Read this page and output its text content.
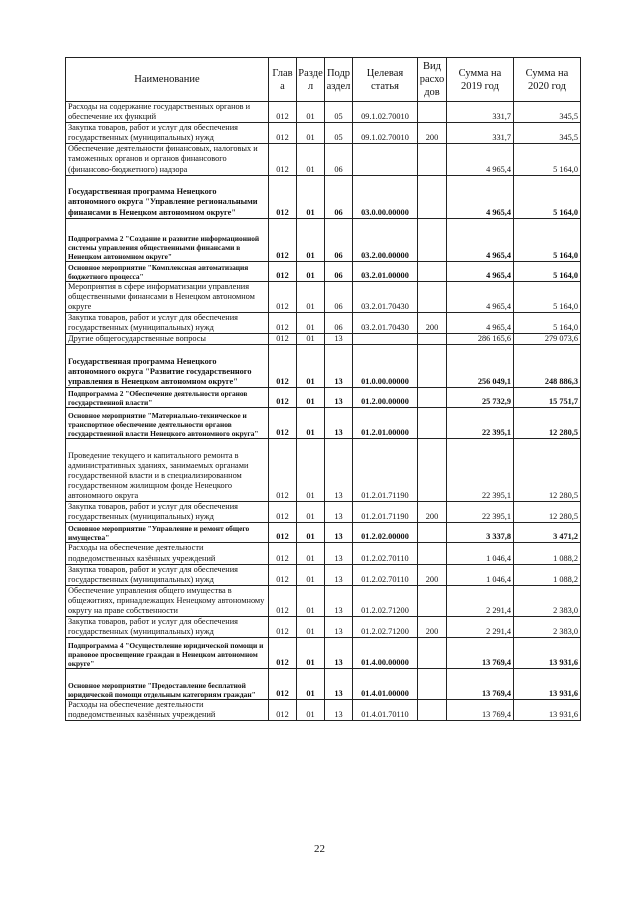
Наименование	Глав а	Разде л	Подр аздел	Целевая статья	Вид расхо дов	Сумма на 2019 год	Сумма на 2020 год
Расходы на содержание государственных органов и обеспечение их функций	012	01	05	09.1.02.70010		331,7	345,5
Закупка товаров, работ и услуг для обеспечения государственных (муниципальных) нужд	012	01	05	09.1.02.70010	200	331,7	345,5
Обеспечение деятельности финансовых, налоговых и таможенных органов и органов финансового (финансово-бюджетного) надзора	012	01	06			4 965,4	5 164,0
Государственная программа Ненецкого автономного округа "Управление региональными финансами в Ненецком автономном округе"	012	01	06	03.0.00.00000		4 965,4	5 164,0
Подпрограмма 2 "Создание и развитие информационной системы управления общественными финансами в Ненецком автономном округе"	012	01	06	03.2.00.00000		4 965,4	5 164,0
Основное мероприятие "Комплексная автоматизация бюджетного процесса"	012	01	06	03.2.01.00000		4 965,4	5 164,0
Мероприятия в сфере информатизации управления общественными финансами в Ненецком автономном округе	012	01	06	03.2.01.70430		4 965,4	5 164,0
Закупка товаров, работ и услуг для обеспечения государственных (муниципальных) нужд	012	01	06	03.2.01.70430	200	4 965,4	5 164,0
Другие общегосударственные вопросы	012	01	13			286 165,6	279 073,6
Государственная программа Ненецкого автономного округа "Развитие государственного управления в Ненецком автономном округе"	012	01	13	01.0.00.00000		256 049,1	248 886,3
Подпрограмма 2 "Обеспечение деятельности органов государственной власти"	012	01	13	01.2.00.00000		25 732,9	15 751,7
Основное мероприятие "Материально-техническое и транспортное обеспечение деятельности органов государственной власти Ненецкого автономного округа"	012	01	13	01.2.01.00000		22 395,1	12 280,5
Проведение текущего и капитального ремонта в административных зданиях, занимаемых органами государственной власти и в специализированном государственном жилищном фонде Ненецкого автономного округа	012	01	13	01.2.01.71190		22 395,1	12 280,5
Закупка товаров, работ и услуг для обеспечения государственных (муниципальных) нужд	012	01	13	01.2.01.71190	200	22 395,1	12 280,5
Основное мероприятие "Управление и ремонт общего имущества"	012	01	13	01.2.02.00000		3 337,8	3 471,2
Расходы на обеспечение деятельности подведомственных казённых учреждений	012	01	13	01.2.02.70110		1 046,4	1 088,2
Закупка товаров, работ и услуг для обеспечения государственных (муниципальных) нужд	012	01	13	01.2.02.70110	200	1 046,4	1 088,2
Обеспечение управления общего имущества в общежитиях, принадлежащих Ненецкому автономному округу на праве собственности	012	01	13	01.2.02.71200		2 291,4	2 383,0
Закупка товаров, работ и услуг для обеспечения государственных (муниципальных) нужд	012	01	13	01.2.02.71200	200	2 291,4	2 383,0
Подпрограмма 4 "Осуществление юридической помощи и правовое просвещение граждан в Ненецком автономном округе"	012	01	13	01.4.00.00000		13 769,4	13 931,6
Основное мероприятие "Предоставление бесплатной юридической помощи отдельным категориям граждан"	012	01	13	01.4.01.00000		13 769,4	13 931,6
Расходы на обеспечение деятельности подведомственных казённых учреждений	012	01	13	01.4.01.70110		13 769,4	13 931,6
22
